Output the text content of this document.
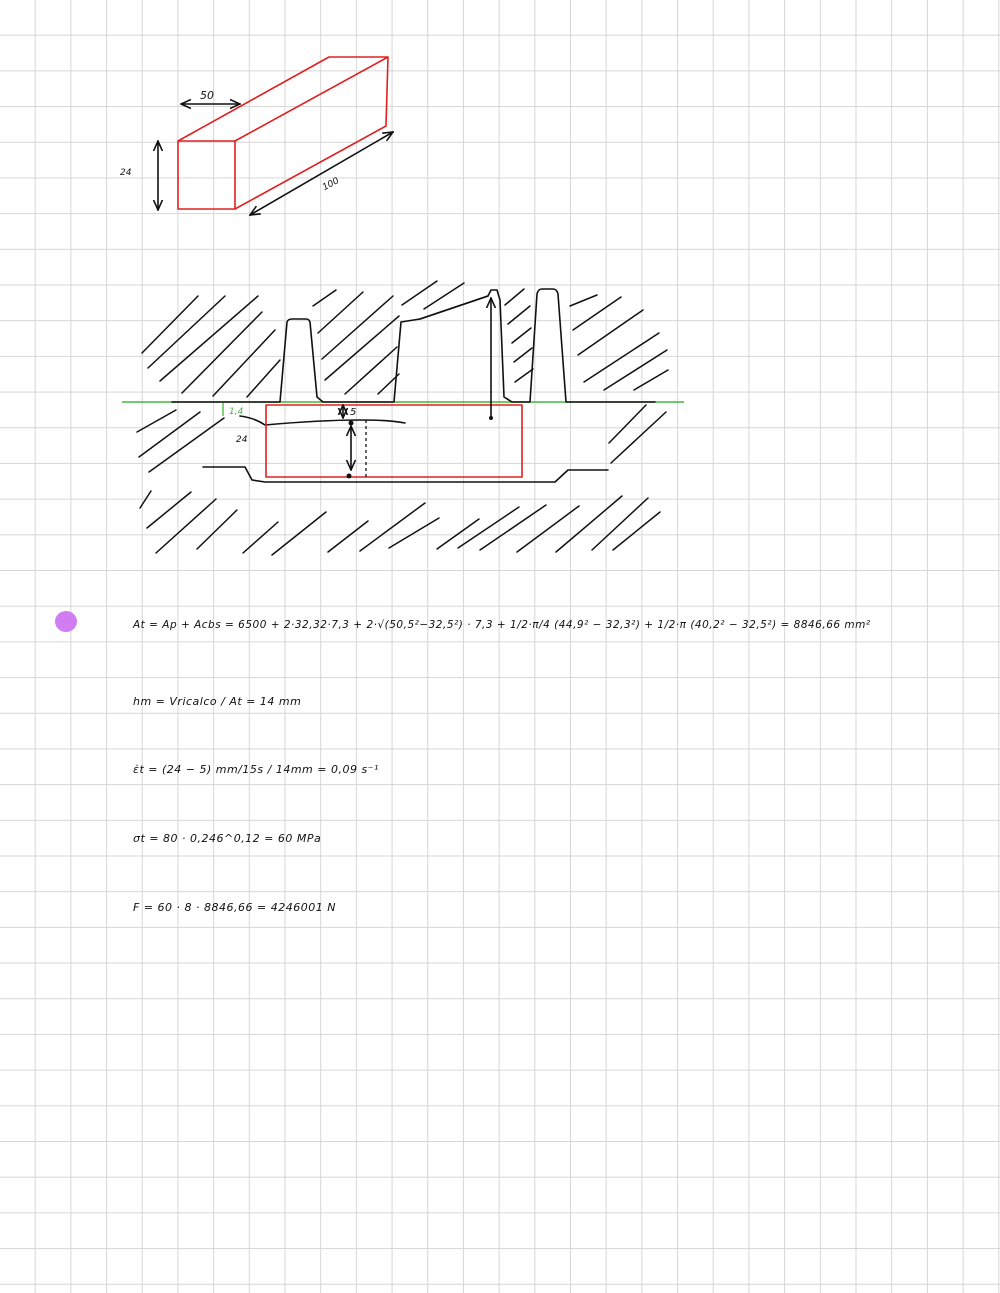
50
24
100
1,4	5
24
At = Ap + Acbs = 6500 + 2·32,32·7,3 + 2·√(50,5²−32,5²) · 7,3 + 1/2·π/4 (44,9² − 32,3²) + 1/2·π (40,2² − 32,5²) = 8846,66 mm²
hm = Vricalco / At = 14 mm
ε̇t = (24 − 5) mm/15s / 14mm = 0,09 s⁻¹
σt = 80 · 0,246^0,12 = 60 MPa
F = 60 · 8 · 8846,66 = 4246001 N
